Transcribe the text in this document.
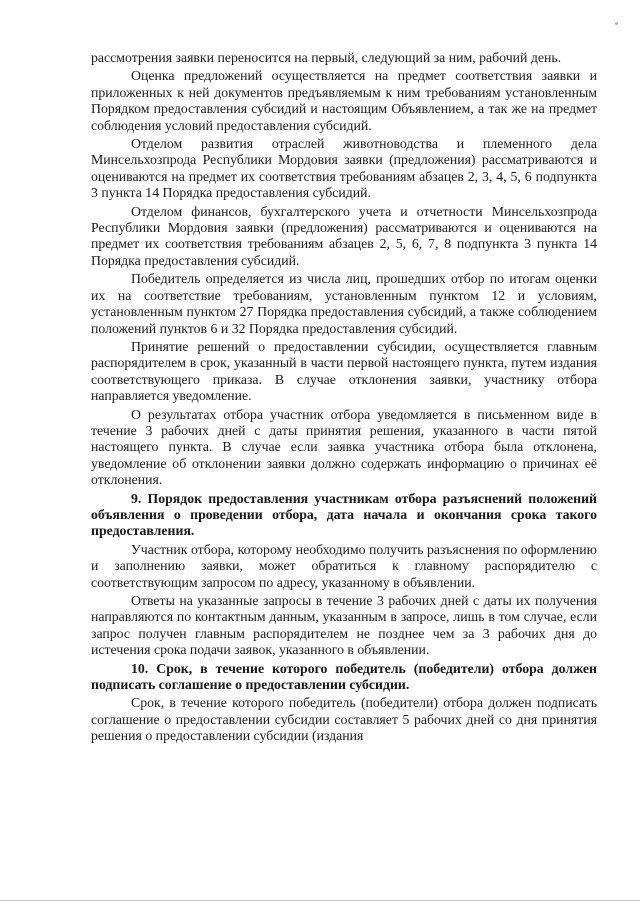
рассмотрения заявки переносится на первый, следующий за ним, рабочий день.

Оценка предложений осуществляется на предмет соответствия заявки и приложенных к ней документов предъявляемым к ним требованиям установленным Порядком предоставления субсидий и настоящим Объявлением, а так же на предмет соблюдения условий предоставления субсидий.

Отделом развития отраслей животноводства и племенного дела Минсельхозпрода Республики Мордовия заявки (предложения) рассматриваются и оцениваются на предмет их соответствия требованиям абзацев 2, 3, 4, 5, 6 подпункта 3 пункта 14 Порядка предоставления субсидий.

Отделом финансов, бухгалтерского учета и отчетности Минсельхозпрода Республики Мордовия заявки (предложения) рассматриваются и оцениваются на предмет их соответствия требованиям абзацев 2, 5, 6, 7, 8 подпункта 3 пункта 14 Порядка предоставления субсидий.

Победитель определяется из числа лиц, прошедших отбор по итогам оценки их на соответствие требованиям, установленным пунктом 12 и условиям, установленным пунктом 27 Порядка предоставления субсидий, а также соблюдением положений пунктов 6 и 32 Порядка предоставления субсидий.

Принятие решений о предоставлении субсидии, осуществляется главным распорядителем в срок, указанный в части первой настоящего пункта, путем издания соответствующего приказа. В случае отклонения заявки, участнику отбора направляется уведомление.

О результатах отбора участник отбора уведомляется в письменном виде в течение 3 рабочих дней с даты принятия решения, указанного в части пятой настоящего пункта. В случае если заявка участника отбора была отклонена, уведомление об отклонении заявки должно содержать информацию о причинах её отклонения.

9. Порядок предоставления участникам отбора разъяснений положений объявления о проведении отбора, дата начала и окончания срока такого предоставления.

Участник отбора, которому необходимо получить разъяснения по оформлению и заполнению заявки, может обратиться к главному распорядителю с соответствующим запросом по адресу, указанному в объявлении.

Ответы на указанные запросы в течение 3 рабочих дней с даты их получения направляются по контактным данным, указанным в запросе, лишь в том случае, если запрос получен главным распорядителем не позднее чем за 3 рабочих дня до истечения срока подачи заявок, указанного в объявлении.

10. Срок, в течение которого победитель (победители) отбора должен подписать соглашение о предоставлении субсидии.

Срок, в течение которого победитель (победители) отбора должен подписать соглашение о предоставлении субсидии составляет 5 рабочих дней со дня принятия решения о предоставлении субсидии (издания
